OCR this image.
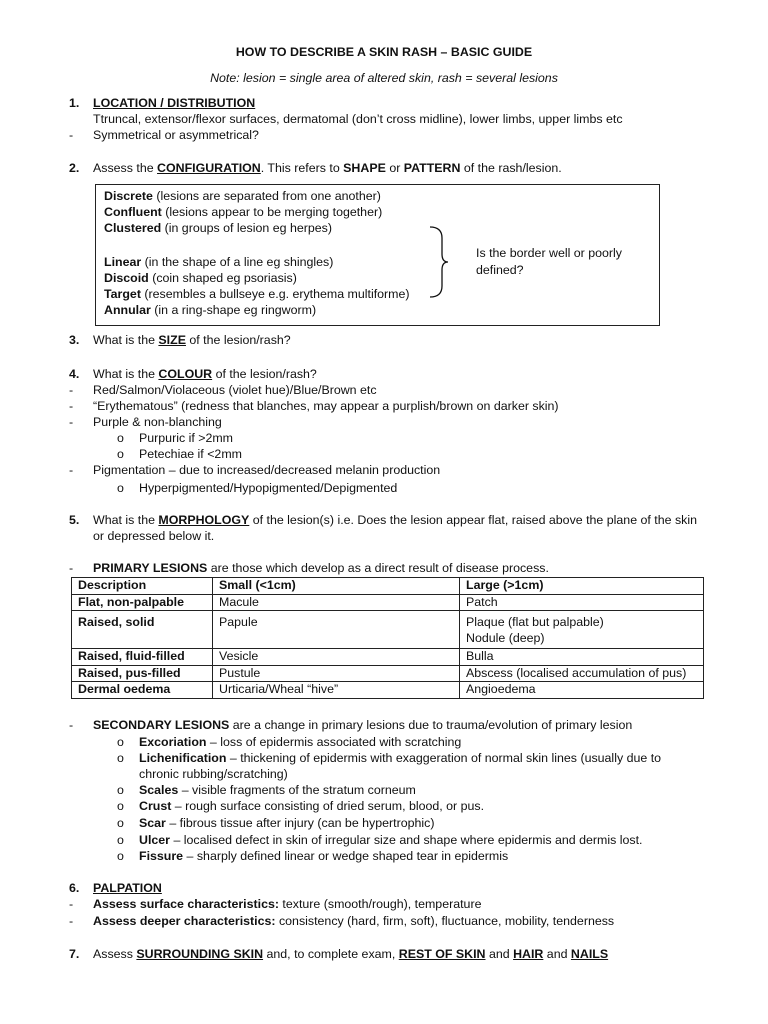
HOW TO DESCRIBE A SKIN RASH – BASIC GUIDE
Note: lesion = single area of altered skin, rash = several lesions
1. LOCATION / DISTRIBUTION
Ttruncal, extensor/flexor surfaces, dermatomal (don’t cross midline), lower limbs, upper limbs etc
- Symmetrical or asymmetrical?
2. Assess the CONFIGURATION. This refers to SHAPE or PATTERN of the rash/lesion.
Discrete (lesions are separated from one another)
Confluent (lesions appear to be merging together)
Clustered (in groups of lesion eg herpes)
Linear (in the shape of a line eg shingles)
Discoid (coin shaped eg psoriasis)
Target (resembles a bullseye e.g. erythema multiforme)
Annular (in a ring-shape eg ringworm)
Is the border well or poorly
defined?
3. What is the SIZE of the lesion/rash?
4. What is the COLOUR of the lesion/rash?
- Red/Salmon/Violaceous (violet hue)/Blue/Brown etc
- “Erythematous” (redness that blanches, may appear a purplish/brown on darker skin)
- Purple & non-blanching
o Purpuric if >2mm
o Petechiae if <2mm
- Pigmentation – due to increased/decreased melanin production
o Hyperpigmented/Hypopigmented/Depigmented
5. What is the MORPHOLOGY of the lesion(s) i.e. Does the lesion appear flat, raised above the plane of the skin
or depressed below it.
- PRIMARY LESIONS are those which develop as a direct result of disease process.
Description	Small (<1cm)	Large (>1cm)
Flat, non-palpable	Macule	Patch
Raised, solid	Papule	Plaque (flat but palpable)
Nodule (deep)

Raised, fluid-filled	Vesicle	Bulla
Raised, pus-filled	Pustule	Abscess (localised accumulation of pus)
Dermal oedema	Urticaria/Wheal “hive”	Angioedema
- SECONDARY LESIONS are a change in primary lesions due to trauma/evolution of primary lesion
o Excoriation – loss of epidermis associated with scratching
o Lichenification – thickening of epidermis with exaggeration of normal skin lines (usually due to
chronic rubbing/scratching)
o Scales – visible fragments of the stratum corneum
o Crust – rough surface consisting of dried serum, blood, or pus.
o Scar – fibrous tissue after injury (can be hypertrophic)
o Ulcer – localised defect in skin of irregular size and shape where epidermis and dermis lost.
o Fissure – sharply defined linear or wedge shaped tear in epidermis
6. PALPATION
- Assess surface characteristics: texture (smooth/rough), temperature
- Assess deeper characteristics: consistency (hard, firm, soft), fluctuance, mobility, tenderness
7. Assess SURROUNDING SKIN and, to complete exam, REST OF SKIN and HAIR and NAILS
